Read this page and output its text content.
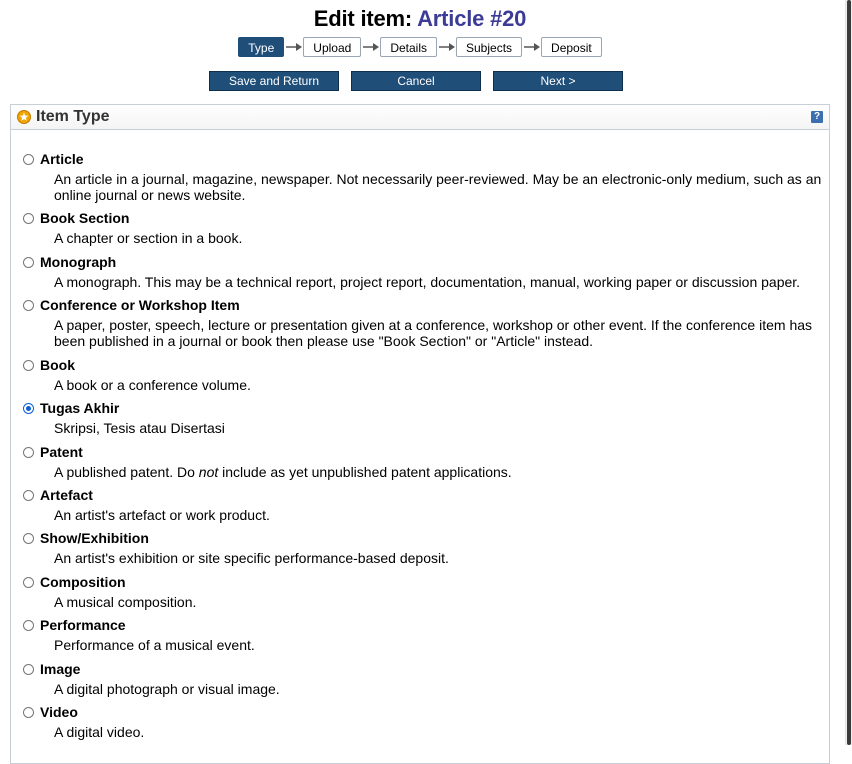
Edit item: Article #20
Type	Upload	Details	Subjects	Deposit
Save and Return	Cancel	Next >
Item Type	?
Article
An article in a journal, magazine, newspaper. Not necessarily peer-reviewed. May be an electronic-only medium, such as an online journal or news website.
Book Section
A chapter or section in a book.
Monograph
A monograph. This may be a technical report, project report, documentation, manual, working paper or discussion paper.
Conference or Workshop Item
A paper, poster, speech, lecture or presentation given at a conference, workshop or other event. If the conference item has been published in a journal or book then please use "Book Section" or "Article" instead.
Book
A book or a conference volume.
Tugas Akhir
Skripsi, Tesis atau Disertasi
Patent
A published patent. Do not include as yet unpublished patent applications.
Artefact
An artist's artefact or work product.
Show/Exhibition
An artist's exhibition or site specific performance-based deposit.
Composition
A musical composition.
Performance
Performance of a musical event.
Image
A digital photograph or visual image.
Video
A digital video.
